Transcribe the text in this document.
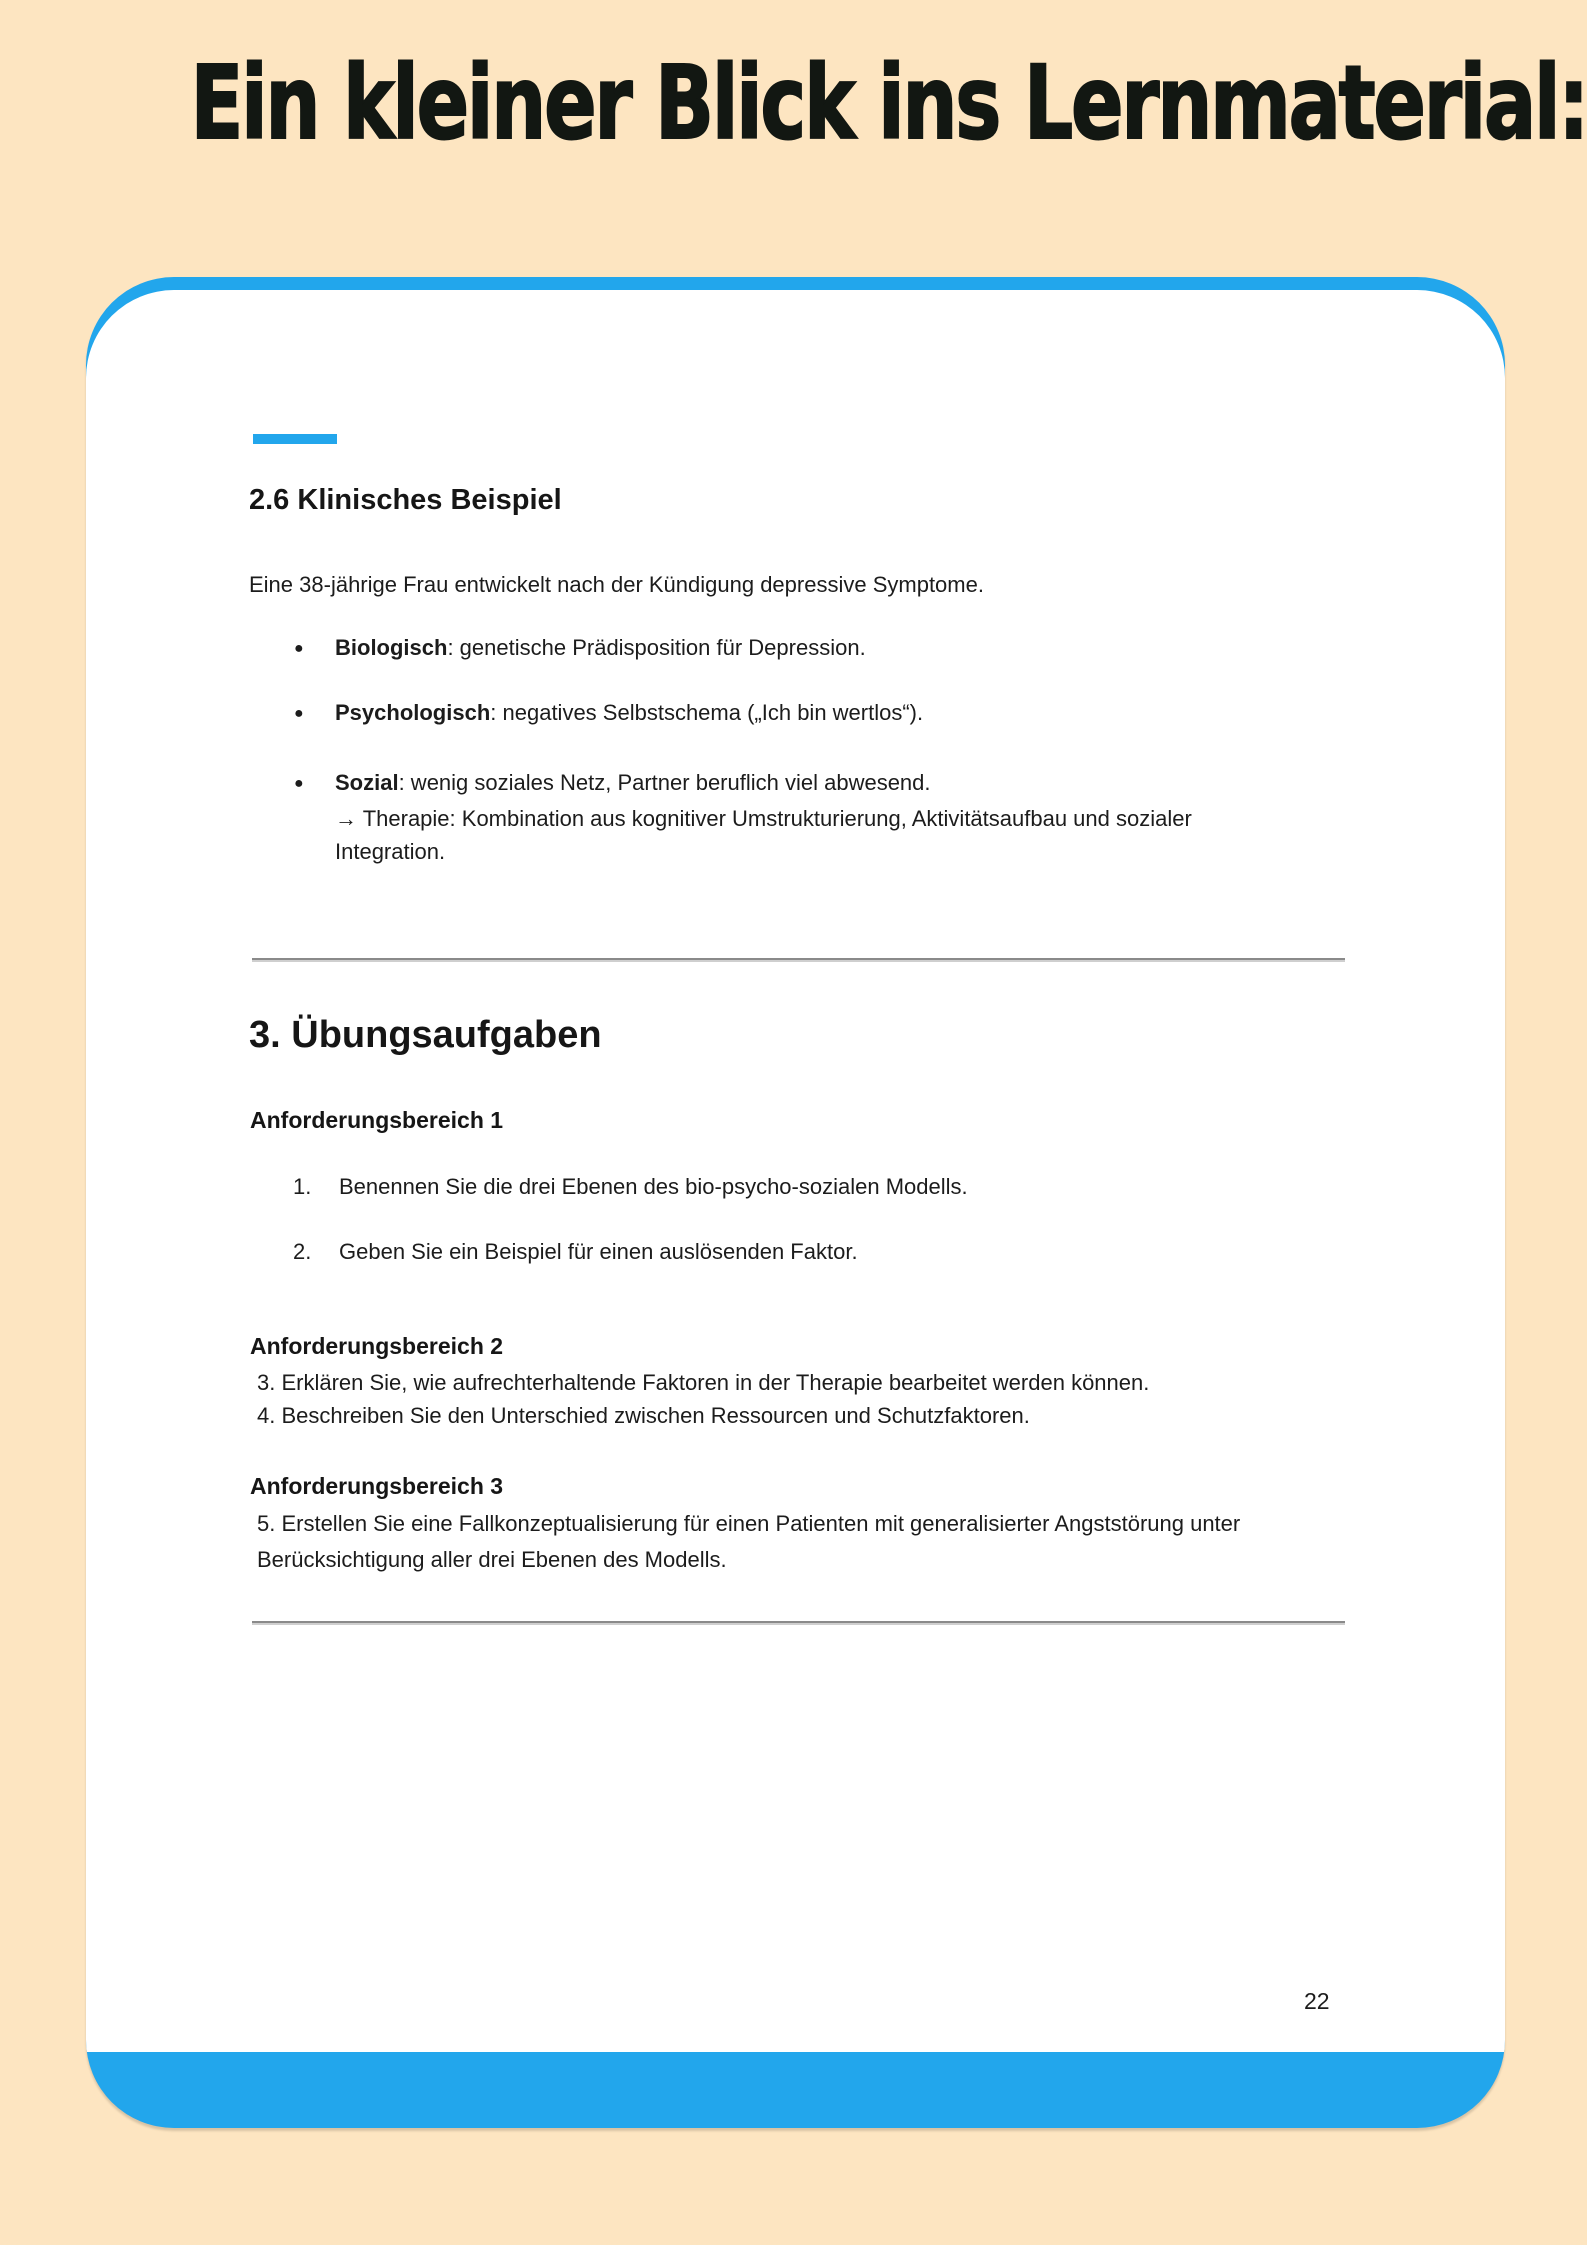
Ein kleiner Blick ins Lernmaterial:
2.6 Klinisches Beispiel
Eine 38-jährige Frau entwickelt nach der Kündigung depressive Symptome.
● Biologisch: genetische Prädisposition für Depression.
● Psychologisch: negatives Selbstschema („Ich bin wertlos“).
● Sozial: wenig soziales Netz, Partner beruflich viel abwesend.
→ Therapie: Kombination aus kognitiver Umstrukturierung, Aktivitätsaufbau und sozialer Integration.
3. Übungsaufgaben
Anforderungsbereich 1
1. Benennen Sie die drei Ebenen des bio-psycho-sozialen Modells.
2. Geben Sie ein Beispiel für einen auslösenden Faktor.
Anforderungsbereich 2
3. Erklären Sie, wie aufrechterhaltende Faktoren in der Therapie bearbeitet werden können.
4. Beschreiben Sie den Unterschied zwischen Ressourcen und Schutzfaktoren.
Anforderungsbereich 3
5. Erstellen Sie eine Fallkonzeptualisierung für einen Patienten mit generalisierter Angststörung unter Berücksichtigung aller drei Ebenen des Modells.
22
